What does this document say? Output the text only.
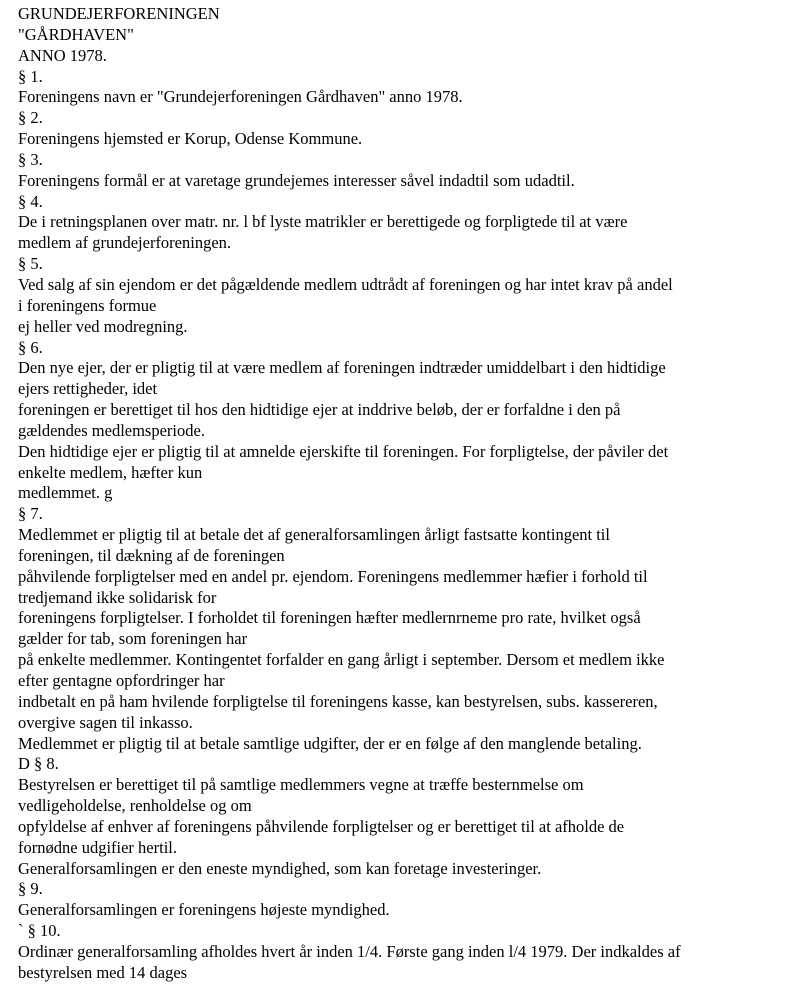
GRUNDEJERFORENINGEN

"GÅRDHAVEN"

ANNO 1978.

§ 1.

Foreningens navn er "Grundejerforeningen Gårdhaven" anno 1978.

§ 2.

Foreningens hjemsted er Korup, Odense Kommune.

§ 3.

Foreningens formål er at varetage grundejemes interesser såvel indadtil som udadtil.

§ 4.

De i retningsplanen over matr. nr. l bf lyste matrikler er berettigede og forpligtede til at være

medlem af grundejerforeningen.

§ 5.

Ved salg af sin ejendom er det pågældende medlem udtrådt af foreningen og har intet krav på andel

i foreningens formue

ej heller ved modregning.

§ 6.

Den nye ejer, der er pligtig til at være medlem af foreningen indtræder umiddelbart i den hidtidige

ejers rettigheder, idet

foreningen er berettiget til hos den hidtidige ejer at inddrive beløb, der er forfaldne i den på

gældendes medlemsperiode.

Den hidtidige ejer er pligtig til at amnelde ejerskifte til foreningen. For forpligtelse, der påviler det

enkelte medlem, hæfter kun

medlemmet. g

§ 7.

Medlemmet er pligtig til at betale det af generalforsamlingen årligt fastsatte kontingent til

foreningen, til dækning af de foreningen

påhvilende forpligtelser med en andel pr. ejendom. Foreningens medlemmer hæfier i forhold til

tredjemand ikke solidarisk for

foreningens forpligtelser. I forholdet til foreningen hæfter medlernrneme pro rate, hvilket også

gælder for tab, som foreningen har

på enkelte medlemmer. Kontingentet forfalder en gang årligt i september. Dersom et medlem ikke

efter gentagne opfordringer har

indbetalt en på ham hvilende forpligtelse til foreningens kasse, kan bestyrelsen, subs. kassereren,

overgive sagen til inkasso.

Medlemmet er pligtig til at betale samtlige udgifter, der er en følge af den manglende betaling.

D § 8.

Bestyrelsen er berettiget til på samtlige medlemmers vegne at træffe besternmelse om

vedligeholdelse, renholdelse og om

opfyldelse af enhver af foreningens påhvilende forpligtelser og er berettiget til at afholde de

fornødne udgifier hertil.

Generalforsamlingen er den eneste myndighed, som kan foretage investeringer.

§ 9.

Generalforsamlingen er foreningens højeste myndighed.

` § 10.

Ordinær generalforsamling afholdes hvert år inden 1/4. Første gang inden l/4 1979. Der indkaldes af

bestyrelsen med 14 dages
